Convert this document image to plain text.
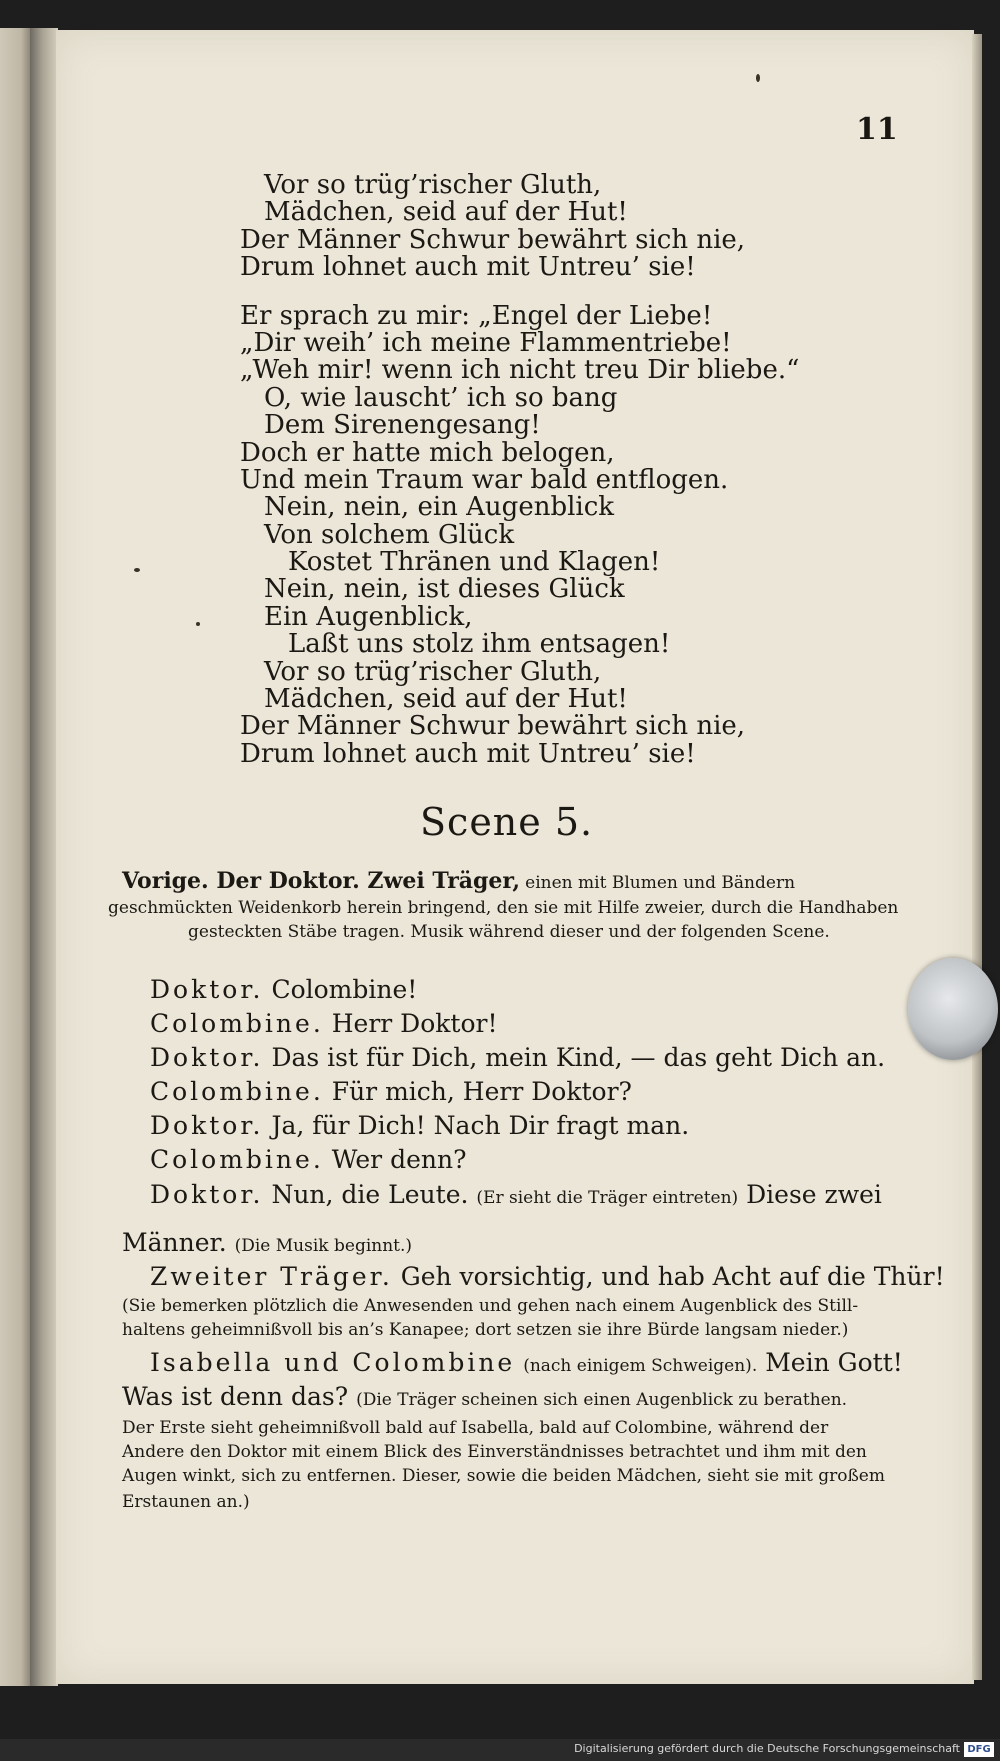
11
Vor so trüg’rischer Gluth,
Mädchen, seid auf der Hut!
Der Männer Schwur bewährt sich nie,
Drum lohnet auch mit Untreu’ sie!
Er sprach zu mir: „Engel der Liebe!
„Dir weih’ ich meine Flammentriebe!
„Weh mir! wenn ich nicht treu Dir bliebe.“
O, wie lauscht’ ich so bang
Dem Sirenengesang!
Doch er hatte mich belogen,
Und mein Traum war bald entflogen.
Nein, nein, ein Augenblick
Von solchem Glück
Kostet Thränen und Klagen!
Nein, nein, ist dieses Glück
Ein Augenblick,
Laßt uns stolz ihm entsagen!
Vor so trüg’rischer Gluth,
Mädchen, seid auf der Hut!
Der Männer Schwur bewährt sich nie,
Drum lohnet auch mit Untreu’ sie!
Scene 5.
Vorige. Der Doktor. Zwei Träger, einen mit Blumen und Bändern
geschmückten Weidenkorb herein bringend, den sie mit Hilfe zweier, durch die Handhaben
gesteckten Stäbe tragen. Musik während dieser und der folgenden Scene.
Doktor. Colombine!
Colombine. Herr Doktor!
Doktor. Das ist für Dich, mein Kind, — das geht Dich an.
Colombine. Für mich, Herr Doktor?
Doktor. Ja, für Dich! Nach Dir fragt man.
Colombine. Wer denn?
Doktor. Nun, die Leute. (Er sieht die Träger eintreten) Diese zwei
Männer. (Die Musik beginnt.)
Zweiter Träger. Geh vorsichtig, und hab Acht auf die Thür!
(Sie bemerken plötzlich die Anwesenden und gehen nach einem Augenblick des Still-
haltens geheimnißvoll bis an’s Kanapee; dort setzen sie ihre Bürde langsam nieder.)
Isabella und Colombine (nach einigem Schweigen). Mein Gott!
Was ist denn das? (Die Träger scheinen sich einen Augenblick zu berathen.
Der Erste sieht geheimnißvoll bald auf Isabella, bald auf Colombine, während der
Andere den Doktor mit einem Blick des Einverständnisses betrachtet und ihm mit den
Augen winkt, sich zu entfernen. Dieser, sowie die beiden Mädchen, sieht sie mit großem
Erstaunen an.)
Digitalisierung gefördert durch die Deutsche Forschungsgemeinschaft DFG
